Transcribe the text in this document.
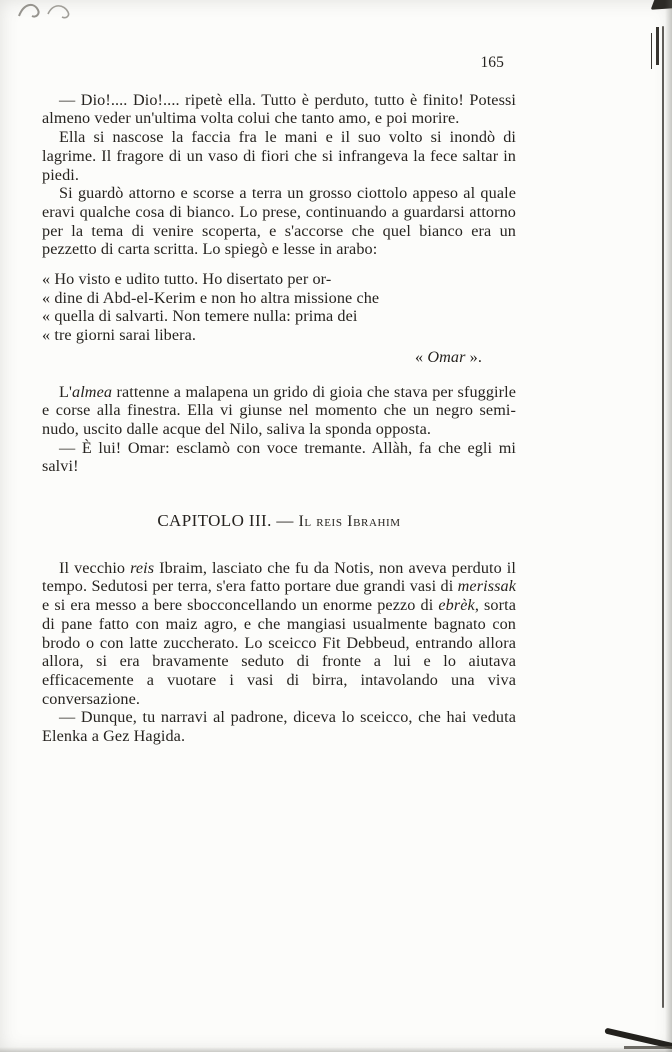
165

— Dio!.... Dio!.... ripetè ella. Tutto è perduto, tutto è finito! Potessi almeno veder un'ultima volta colui che tanto amo, e poi morire.

Ella si nascose la faccia fra le mani e il suo volto si inondò di lagrime. Il fragore di un vaso di fiori che si infrangeva la fece saltar in piedi.

Si guardò attorno e scorse a terra un grosso ciottolo appeso al quale eravi qualche cosa di bianco. Lo prese, continuando a guardarsi attorno per la tema di venire scoperta, e s'accorse che quel bianco era un pezzetto di carta scritta. Lo spiegò e lesse in arabo:

« Ho visto e udito tutto. Ho disertato per or-
« dine di Abd-el-Kerim e non ho altra missione che
« quella di salvarti. Non temere nulla: prima dei
« tre giorni sarai libera.

« Omar ».

L'almea rattenne a malapena un grido di gioia che stava per sfuggirle e corse alla finestra. Ella vi giunse nel momento che un negro semi-nudo, uscito dalle acque del Nilo, saliva la sponda opposta.

— È lui! Omar: esclamò con voce tremante. Allàh, fa che egli mi salvi!

CAPITOLO III. — Il reis Ibrahim

Il vecchio reis Ibraim, lasciato che fu da Notis, non aveva perduto il tempo. Sedutosi per terra, s'era fatto portare due grandi vasi di merissak e si era messo a bere sbocconcellando un enorme pezzo di ebrèk, sorta di pane fatto con maiz agro, e che mangiasi usualmente bagnato con brodo o con latte zuccherato. Lo sceicco Fit Debbeud, entrando allora allora, si era bravamente seduto di fronte a lui e lo aiutava efficacemente a vuotare i vasi di birra, intavolando una viva conversazione.

— Dunque, tu narravi al padrone, diceva lo sceicco, che hai veduta Elenka a Gez Hagida.
